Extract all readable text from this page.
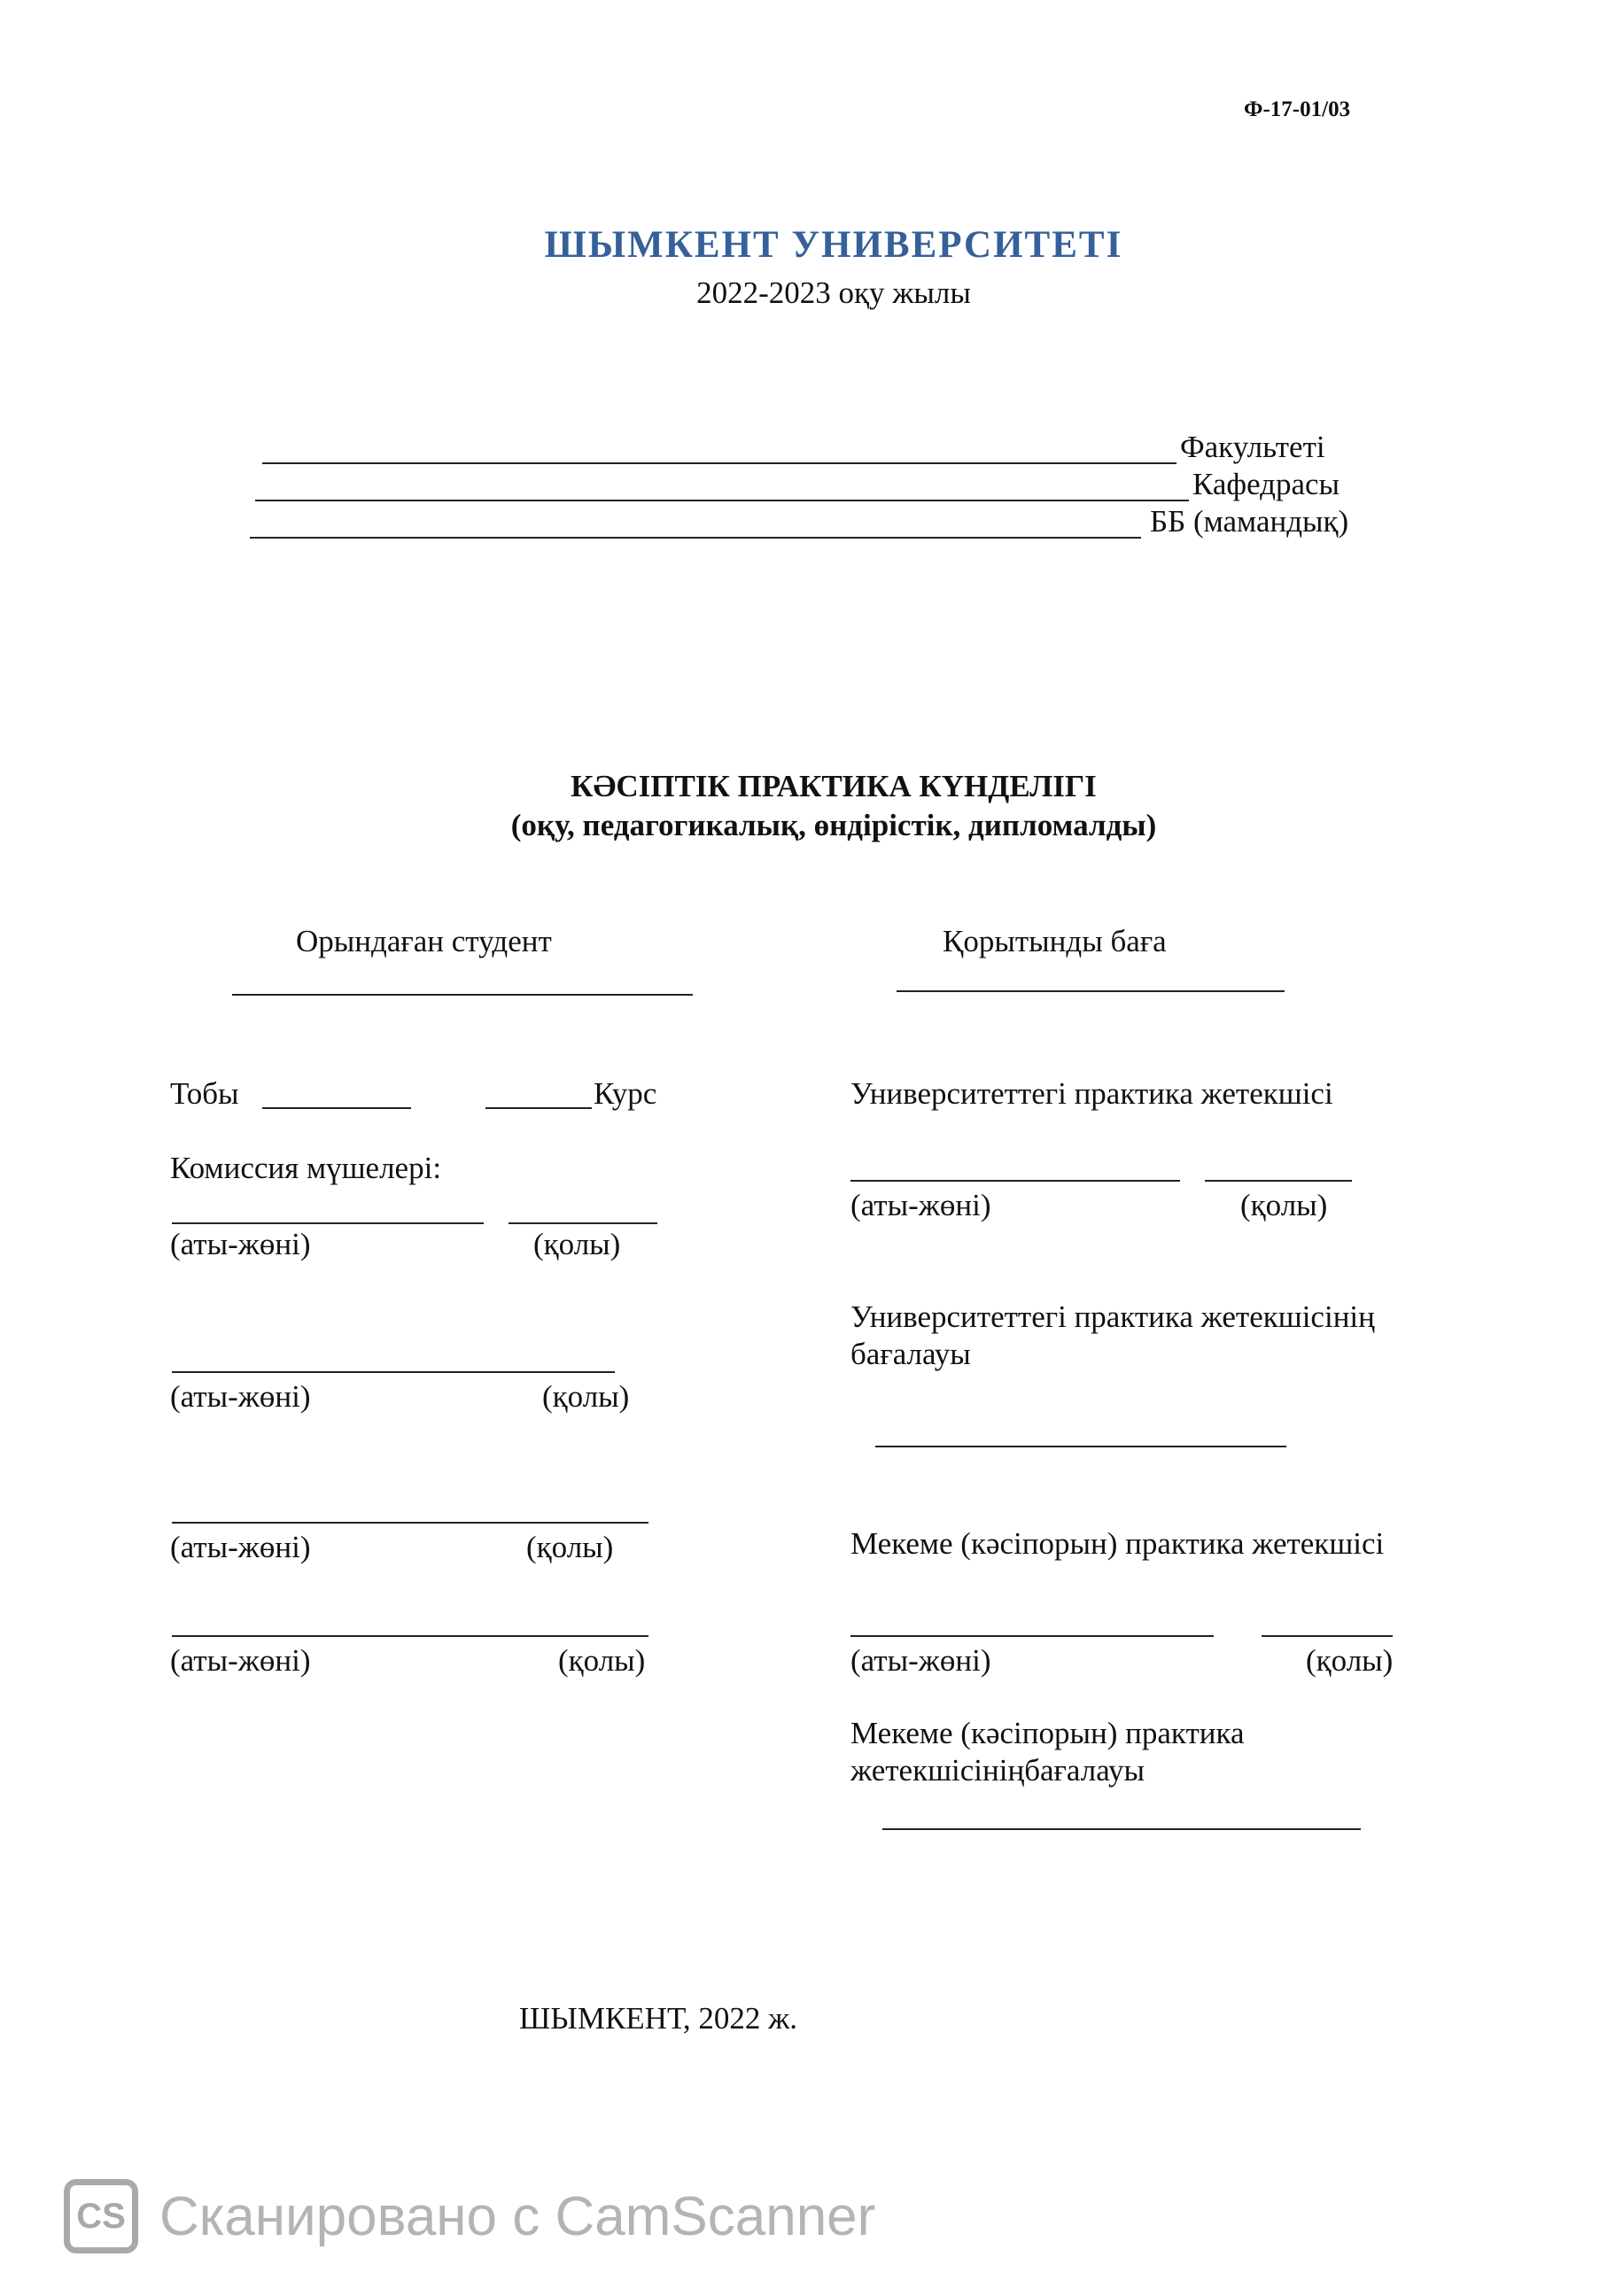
Ф-17-01/03
ШЫМКЕНТ УНИВЕРСИТЕТІ
2022-2023 оқу жылы
Факультеті
Кафедрасы
ББ (мамандық)
КӘСІПТІК ПРАКТИКА КҮНДЕЛІГІ
(оқу, педагогикалық, өндірістік, дипломалды)
Орындаған студент	Қорытынды баға
Тобы	Курс
Комиссия мүшелері:
(аты-жөні)	(қолы)
(аты-жөні)	(қолы)
(аты-жөні)	(қолы)
(аты-жөні)	(қолы)
Университеттегі практика жетекшісі
(аты-жөні)	(қолы)
Университеттегі практика жетекшісінің
бағалауы
Мекеме (кәсіпорын) практика жетекшісі
(аты-жөні)	(қолы)
Мекеме (кәсіпорын) практика
жетекшісініңбағалауы
ШЫМКЕНТ, 2022 ж.
CS Сканировано с CamScanner
